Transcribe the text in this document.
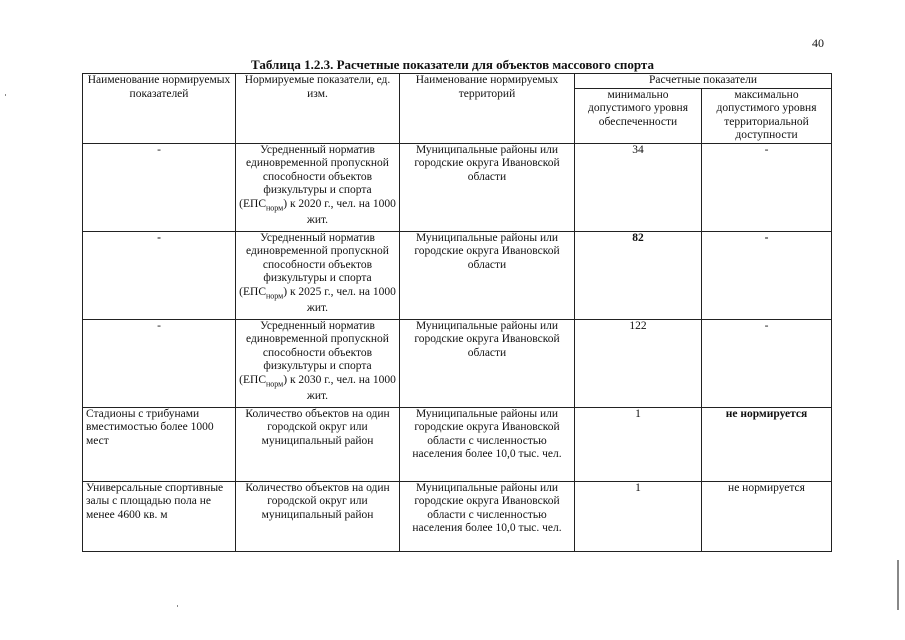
40
Таблица 1.2.3. Расчетные показатели для объектов массового спорта
Наименование нормируемых показателей	Нормируемые показатели, ед. изм.	Наименование нормируемых территорий	Расчетные показатели	
			минимально допустимого уровня обеспеченности	максимально допустимого уровня территориальной доступности
-	Усредненный норматив единовременной пропускной способности объектов физкультуры и спорта $(ЕПС_{норм})$ к 2020 г., чел. на 1000 жит.	Муниципальные районы или городские округа Ивановской области	34	-
-	Усредненный норматив единовременной пропускной способности объектов физкультуры и спорта $(ЕПС_{норм})$ к 2025 г., чел. на 1000 жит.	Муниципальные районы или городские округа Ивановской области	82	-
-	Усредненный норматив единовременной пропускной способности объектов физкультуры и спорта $(ЕПС_{норм})$ к 2030 г., чел. на 1000 жит.	Муниципальные районы или городские округа Ивановской области	122	-
Стадионы с трибунами вместимостью более 1000 мест	Количество объектов на один городской округ или муниципальный район	Муниципальные районы или городские округа Ивановской области с численностью населения более 10,0 тыс. чел.	1	не нормируется
Универсальные спортивные залы с площадью пола не менее 4600 кв. м	Количество объектов на один городской округ или муниципальный район	Муниципальные районы или городские округа Ивановской области с численностью населения более 10,0 тыс. чел.	1	не нормируется
